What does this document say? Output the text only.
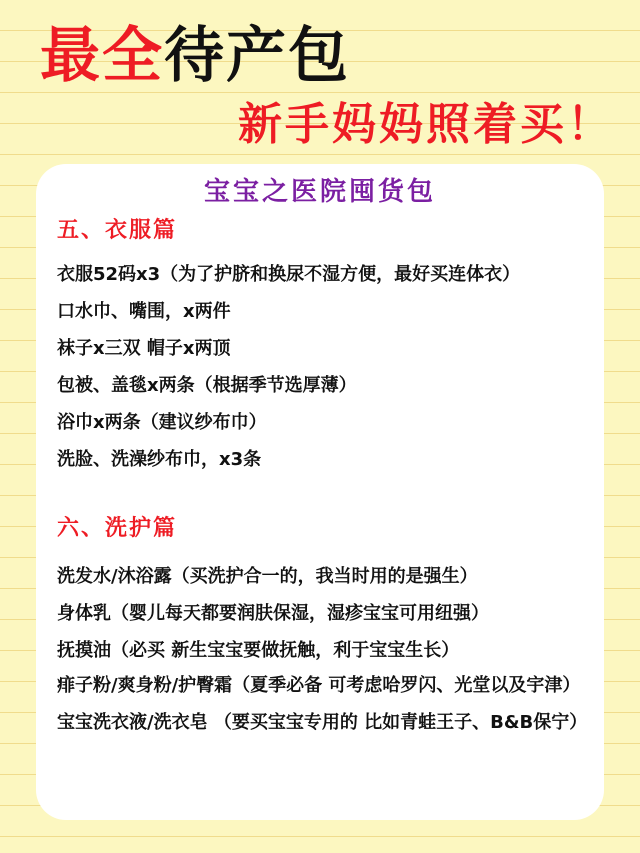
最全待产包
新手妈妈照着买！
宝宝之医院囤货包
五、衣服篇
衣服52码x3（为了护脐和换尿不湿方便，最好买连体衣）
口水巾、嘴围，x两件
袜子x三双 帽子x两顶
包被、盖毯x两条（根据季节选厚薄）
浴巾x两条（建议纱布巾）
洗脸、洗澡纱布巾，x3条
六、洗护篇
洗发水/沐浴露（买洗护合一的，我当时用的是强生）
身体乳（婴儿每天都要润肤保湿，湿疹宝宝可用纽强）
抚摸油（必买 新生宝宝要做抚触，利于宝宝生长）
痱子粉/爽身粉/护臀霜（夏季必备 可考虑哈罗闪、光堂以及宇津）
宝宝洗衣液/洗衣皂 （要买宝宝专用的 比如青蛙王子、B&B保宁）
